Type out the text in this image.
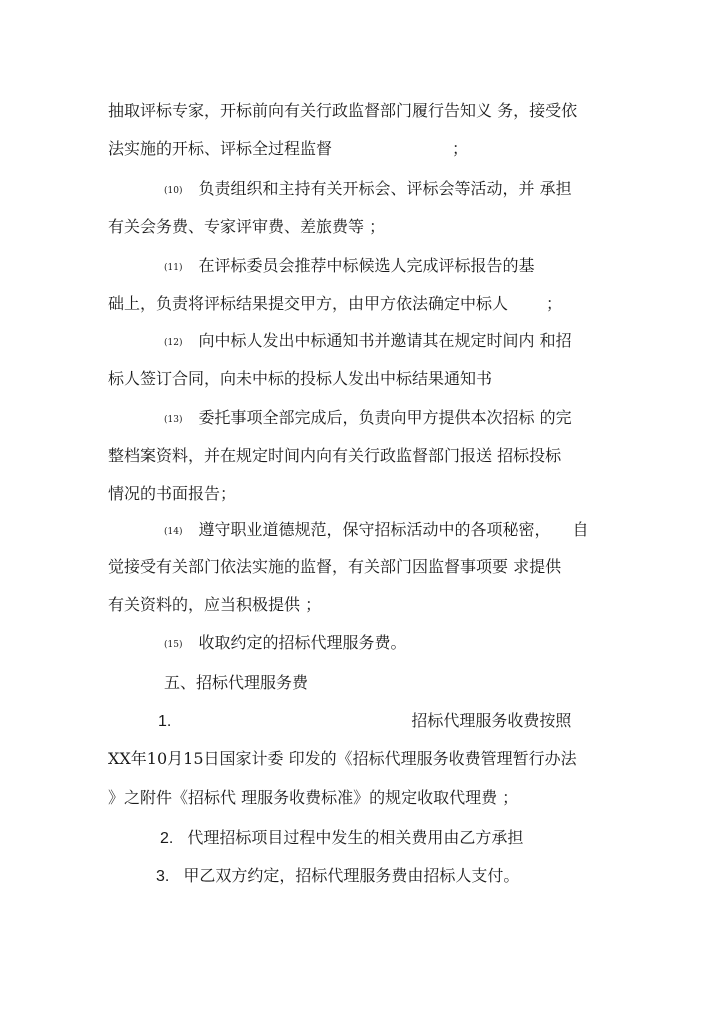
抽取评标专家，开标前向有关行政监督部门履行告知义 务，接受依
法实施的开标、评标全过程监督	；
(10) 负责组织和主持有关开标会、评标会等活动，并 承担
有关会务费、专家评审费、差旅费等 ；
(11) 在评标委员会推荐中标候选人完成评标报告的基
础上，负责将评标结果提交甲方，由甲方依法确定中标人 ；
(12) 向中标人发出中标通知书并邀请其在规定时间内 和招
标人签订合同，向未中标的投标人发出中标结果通知书
(13) 委托事项全部完成后，负责向甲方提供本次招标 的完
整档案资料，并在规定时间内向有关行政监督部门报送 招标投标
情况的书面报告；
(14) 遵守职业道德规范，保守招标活动中的各项秘密， 自
觉接受有关部门依法实施的监督，有关部门因监督事项要 求提供
有关资料的，应当积极提供 ；
(15) 收取约定的招标代理服务费。
五、招标代理服务费
1.	招标代理服务收费按照
XX年10月15日国家计委 印发的《招标代理服务收费管理暂行办法
》之附件《招标代 理服务收费标准》的规定收取代理费 ；
2. 代理招标项目过程中发生的相关费用由乙方承担
3. 甲乙双方约定，招标代理服务费由招标人支付。
